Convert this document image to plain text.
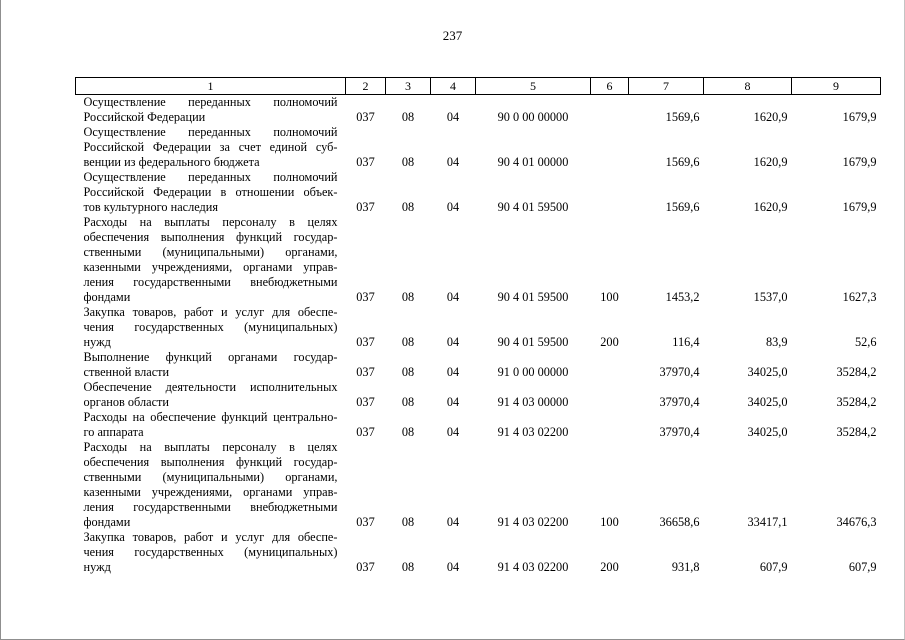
237
1	2	3	4	5	6	7	8	9

Осуществление переданных полномочий
Российской Федерации	037	08	04	90 0 00 00000		1569,6	1620,9	1679,9

Осуществление переданных полномочий
Российской Федерации за счет единой суб-
венции из федерального бюджета	037	08	04	90 4 01 00000		1569,6	1620,9	1679,9

Осуществление переданных полномочий
Российской Федерации в отношении объек-
тов культурного наследия	037	08	04	90 4 01 59500		1569,6	1620,9	1679,9

Расходы на выплаты персоналу в целях
обеспечения выполнения функций государ-
ственными (муниципальными) органами,
казенными учреждениями, органами управ-
ления государственными внебюджетными
фондами	037	08	04	90 4 01 59500	100	1453,2	1537,0	1627,3

Закупка товаров, работ и услуг для обеспе-
чения государственных (муниципальных)
нужд	037	08	04	90 4 01 59500	200	116,4	83,9	52,6

Выполнение функций органами государ-
ственной власти	037	08	04	91 0 00 00000		37970,4	34025,0	35284,2

Обеспечение деятельности исполнительных
органов области	037	08	04	91 4 03 00000		37970,4	34025,0	35284,2

Расходы на обеспечение функций центрально-
го аппарата	037	08	04	91 4 03 02200		37970,4	34025,0	35284,2

Расходы на выплаты персоналу в целях
обеспечения выполнения функций государ-
ственными (муниципальными) органами,
казенными учреждениями, органами управ-
ления государственными внебюджетными
фондами	037	08	04	91 4 03 02200	100	36658,6	33417,1	34676,3

Закупка товаров, работ и услуг для обеспе-
чения государственных (муниципальных)
нужд	037	08	04	91 4 03 02200	200	931,8	607,9	607,9
